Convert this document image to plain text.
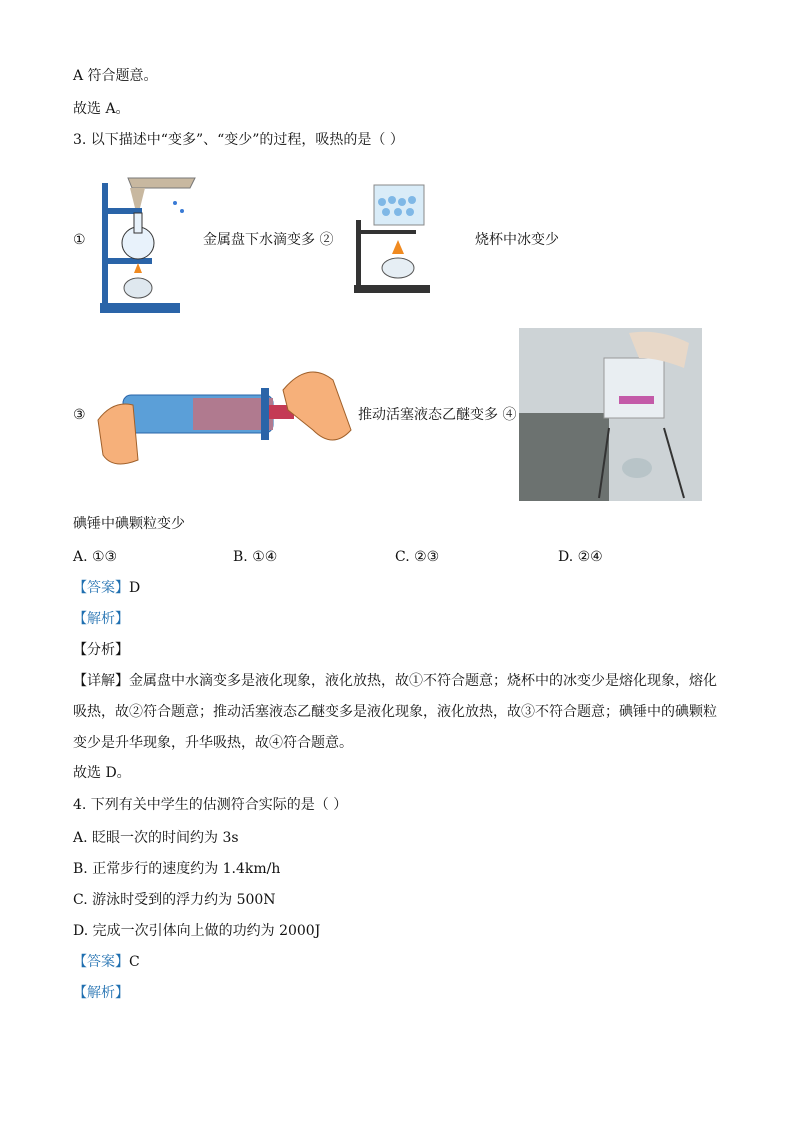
A 符合题意。
故选 A。
3. 以下描述中“变多”、“变少”的过程，吸热的是（ ）
①	金属盘下水滴变多 ②	烧杯中冰变少
③	推动活塞液态乙醚变多 ④
碘锤中碘颗粒变少
A. ①③	B. ①④	C. ②③	D. ②④
【答案】D
【解析】
【分析】
【详解】金属盘中水滴变多是液化现象，液化放热，故①不符合题意；烧杯中的冰变少是熔化现象，熔化吸热，故②符合题意；推动活塞液态乙醚变多是液化现象，液化放热，故③不符合题意；碘锤中的碘颗粒变少是升华现象，升华吸热，故④符合题意。
故选 D。
4. 下列有关中学生的估测符合实际的是（ ）
A. 眨眼一次的时间约为 3s
B. 正常步行的速度约为 1.4km/h
C. 游泳时受到的浮力约为 500N
D. 完成一次引体向上做的功约为 2000J
【答案】C
【解析】
